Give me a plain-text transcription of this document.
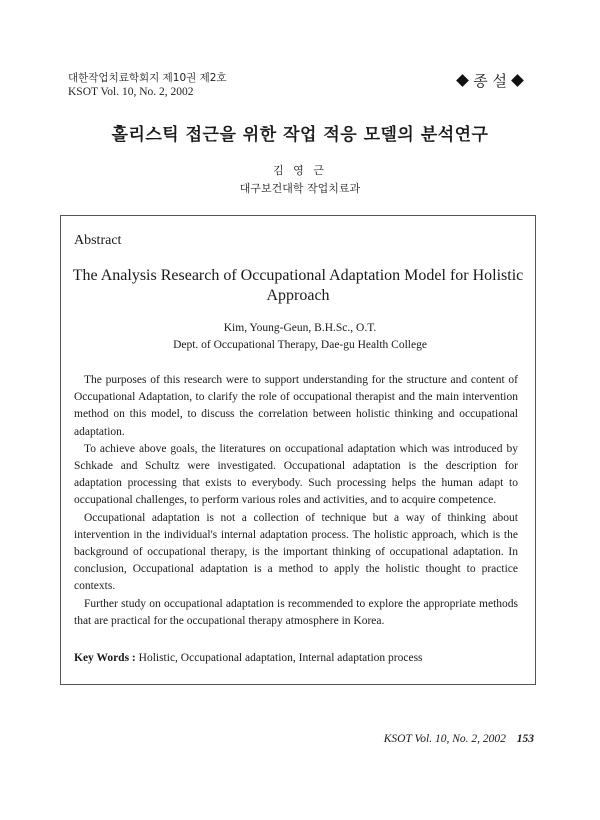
대한작업치료학회지 제10권 제2호
KSOT Vol. 10, No. 2, 2002
종 설
홀리스틱 접근을 위한 작업 적응 모델의 분석연구
김 영 근
대구보건대학 작업치료과
Abstract
The Analysis Research of Occupational Adaptation Model for Holistic Approach
Kim, Young-Geun, B.H.Sc., O.T.
Dept. of Occupational Therapy, Dae-gu Health College

The purposes of this research were to support understanding for the structure and content of Occupational Adaptation, to clarify the role of occupational therapist and the main intervention method on this model, to discuss the correlation between holistic thinking and occupational adaptation.

To achieve above goals, the literatures on occupational adaptation which was introduced by Schkade and Schultz were investigated. Occupational adaptation is the description for adaptation processing that exists to everybody. Such processing helps the human adapt to occupational challenges, to perform various roles and activities, and to acquire competence.

Occupational adaptation is not a collection of technique but a way of thinking about intervention in the individual's internal adaptation process. The holistic approach, which is the background of occupational therapy, is the important thinking of occupational adaptation. In conclusion, Occupational adaptation is a method to apply the holistic thought to practice contexts.

Further study on occupational adaptation is recommended to explore the appropriate methods that are practical for the occupational therapy atmosphere in Korea.

Key Words : Holistic, Occupational adaptation, Internal adaptation process
KSOT Vol. 10, No. 2, 2002 153
